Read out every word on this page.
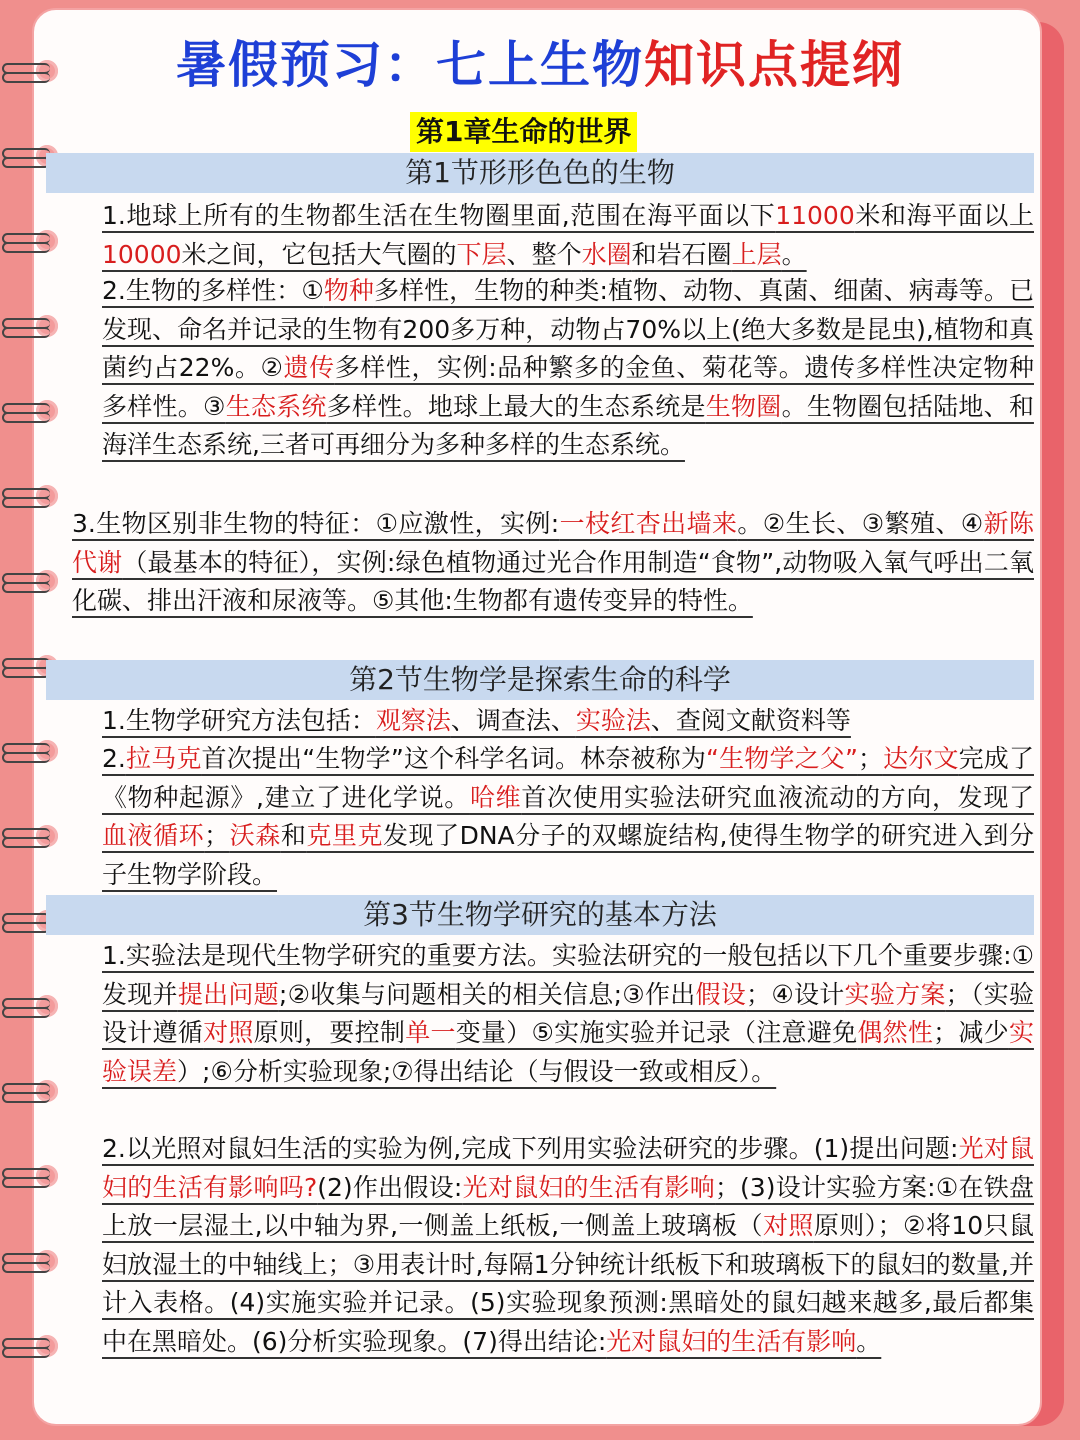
暑假预习：七上生物知识点提纲
第1章生命的世界
第1节形形色色的生物
1.地球上所有的生物都生活在生物圈里面,范围在海平面以下11000米和海平面以上10000米之间，它包括大气圈的下层、整个水圈和岩石圈上层。
2.生物的多样性：①物种多样性，生物的种类:植物、动物、真菌、细菌、病毒等。已发现、命名并记录的生物有200多万种，动物占70%以上(绝大多数是昆虫),植物和真菌约占22%。②遗传多样性，实例:品种繁多的金鱼、菊花等。遗传多样性决定物种多样性。③生态系统多样性。地球上最大的生态系统是生物圈。生物圈包括陆地、和海洋生态系统,三者可再细分为多种多样的生态系统。
3.生物区别非生物的特征：①应激性，实例:一枝红杏出墙来。②生长、③繁殖、④新陈代谢（最基本的特征），实例:绿色植物通过光合作用制造“食物”,动物吸入氧气呼出二氧化碳、排出汗液和尿液等。⑤其他:生物都有遗传变异的特性。
第2节生物学是探索生命的科学
1.生物学研究方法包括：观察法、调查法、实验法、查阅文献资料等
2.拉马克首次提出“生物学”这个科学名词。林奈被称为“生物学之父”；达尔文完成了《物种起源》,建立了进化学说。哈维首次使用实验法研究血液流动的方向，发现了血液循环；沃森和克里克发现了DNA分子的双螺旋结构,使得生物学的研究进入到分子生物学阶段。
第3节生物学研究的基本方法
1.实验法是现代生物学研究的重要方法。实验法研究的一般包括以下几个重要步骤:①发现并提出问题;②收集与问题相关的相关信息;③作出假设；④设计实验方案；（实验设计遵循对照原则，要控制单一变量）⑤实施实验并记录（注意避免偶然性；减少实验误差）;⑥分析实验现象;⑦得出结论（与假设一致或相反）。
2.以光照对鼠妇生活的实验为例,完成下列用实验法研究的步骤。(1)提出问题:光对鼠妇的生活有影响吗?(2)作出假设:光对鼠妇的生活有影响；(3)设计实验方案:①在铁盘上放一层湿土,以中轴为界,一侧盖上纸板,一侧盖上玻璃板（对照原则）；②将10只鼠妇放湿土的中轴线上；③用表计时,每隔1分钟统计纸板下和玻璃板下的鼠妇的数量,并计入表格。(4)实施实验并记录。(5)实验现象预测:黑暗处的鼠妇越来越多,最后都集中在黑暗处。(6)分析实验现象。(7)得出结论:光对鼠妇的生活有影响。
